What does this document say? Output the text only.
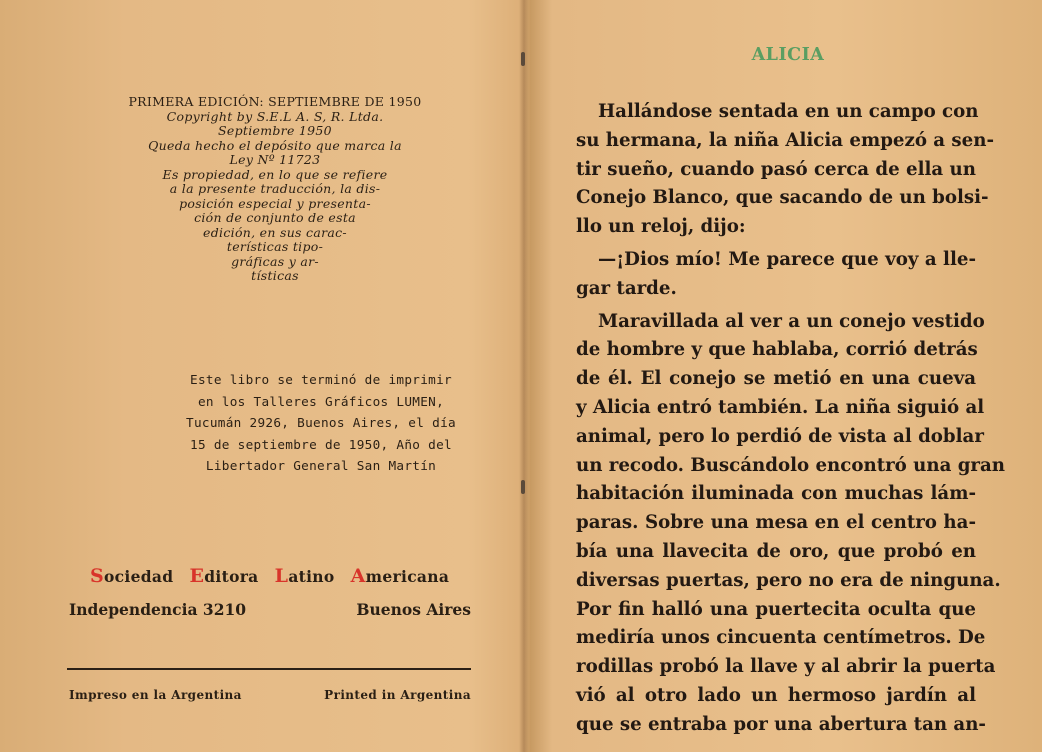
PRIMERA EDICIÓN: SEPTIEMBRE DE 1950
Copyright by S.E.L A. S, R. Ltda.
Septiembre 1950
Queda hecho el depósito que marca la
Ley Nº 11723
Es propiedad, en lo que se refiere
a la presente traducción, la dis-
posición especial y presenta-
ción de conjunto de esta
edición, en sus carac-
terísticas tipo-
gráficas y ar-
tísticas
Este libro se terminó de imprimir
en los Talleres Gráficos LUMEN,
Tucumán 2926, Buenos Aires, el día
15 de septiembre de 1950, Año del
Libertador General San Martín
Sociedad   Editora   Latino   Americana
Independencia 3210	Buenos Aires
Impreso en la Argentina	Printed in Argentina
ALICIA
Hallándose sentada en un campo con
su hermana, la niña Alicia empezó a sen-
tir sueño, cuando pasó cerca de ella un
Conejo Blanco, que sacando de un bolsi-
llo un reloj, dijo:
—¡Dios mío! Me parece que voy a lle-
gar tarde.
Maravillada al ver a un conejo vestido
de hombre y que hablaba, corrió detrás
de él. El conejo se metió en una cueva
y Alicia entró también. La niña siguió al
animal, pero lo perdió de vista al doblar
un recodo. Buscándolo encontró una gran
habitación iluminada con muchas lám-
paras. Sobre una mesa en el centro ha-
bía una llavecita de oro, que probó en
diversas puertas, pero no era de ninguna.
Por fin halló una puertecita oculta que
mediría unos cincuenta centímetros. De
rodillas probó la llave y al abrir la puerta
vió al otro lado un hermoso jardín al
que se entraba por una abertura tan an-
